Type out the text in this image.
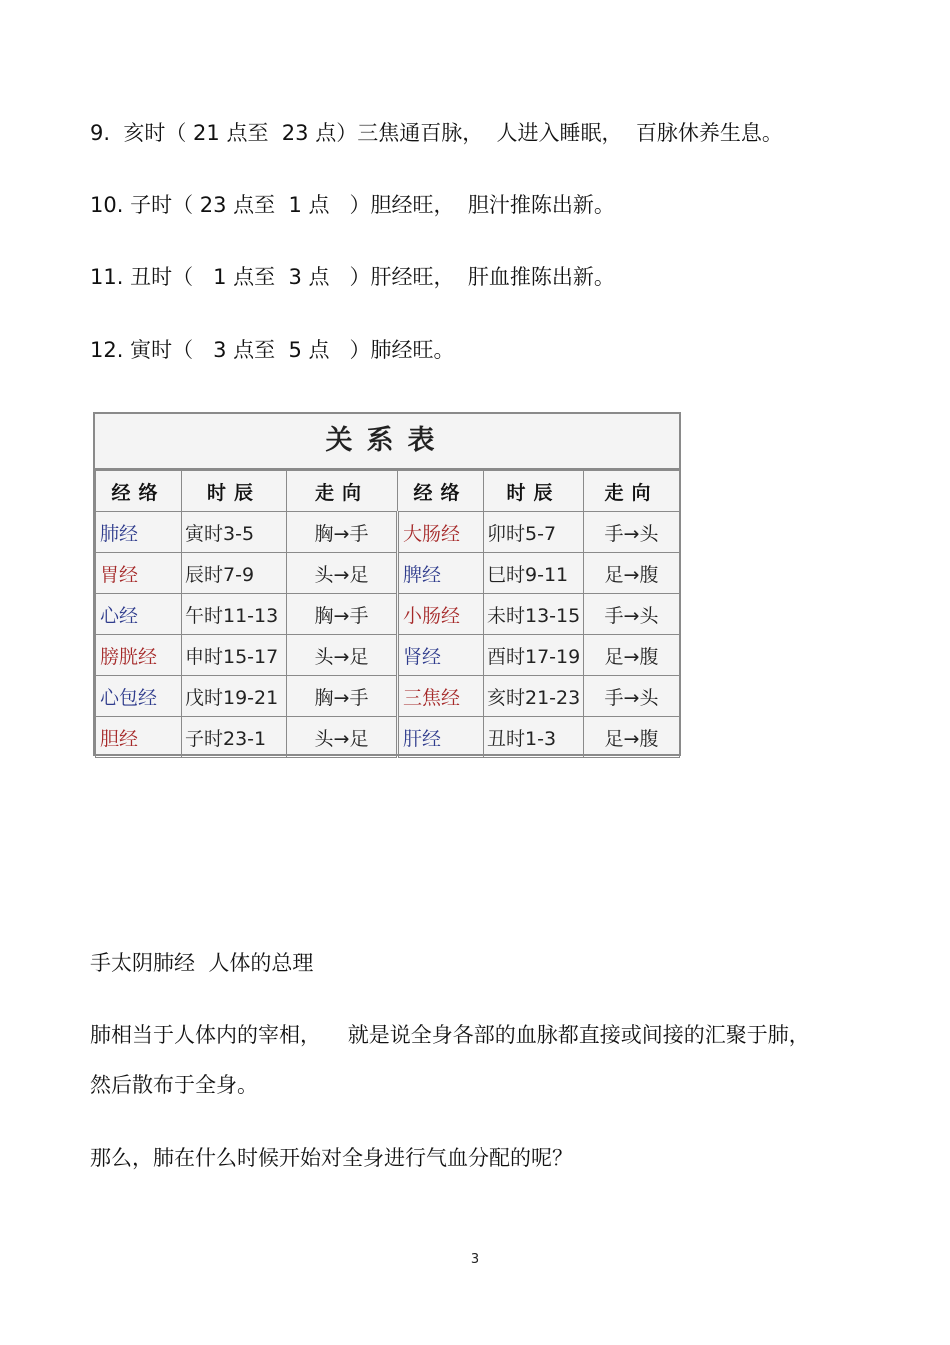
9.  亥时（ 21 点至  23 点）三焦通百脉，  人进入睡眠，  百脉休养生息。
10. 子时（ 23 点至  1 点   ）胆经旺，  胆汁推陈出新。
11. 丑时（   1 点至  3 点   ）肝经旺，  肝血推陈出新。
12. 寅时（   3 点至  5 点   ）肺经旺。
关系表
经络	时辰	走向	经络	时辰	走向
肺经	寅时3-5	胸→手	大肠经	卯时5-7	手→头
胃经	辰时7-9	头→足	脾经	巳时9-11	足→腹
心经	午时11-13	胸→手	小肠经	未时13-15	手→头
膀胱经	申时15-17	头→足	肾经	酉时17-19	足→腹
心包经	戊时19-21	胸→手	三焦经	亥时21-23	手→头
胆经	子时23-1	头→足	肝经	丑时1-3	足→腹
手太阴肺经  人体的总理
肺相当于人体内的宰相，    就是说全身各部的血脉都直接或间接的汇聚于肺，
然后散布于全身。
那么，肺在什么时候开始对全身进行气血分配的呢？
3
